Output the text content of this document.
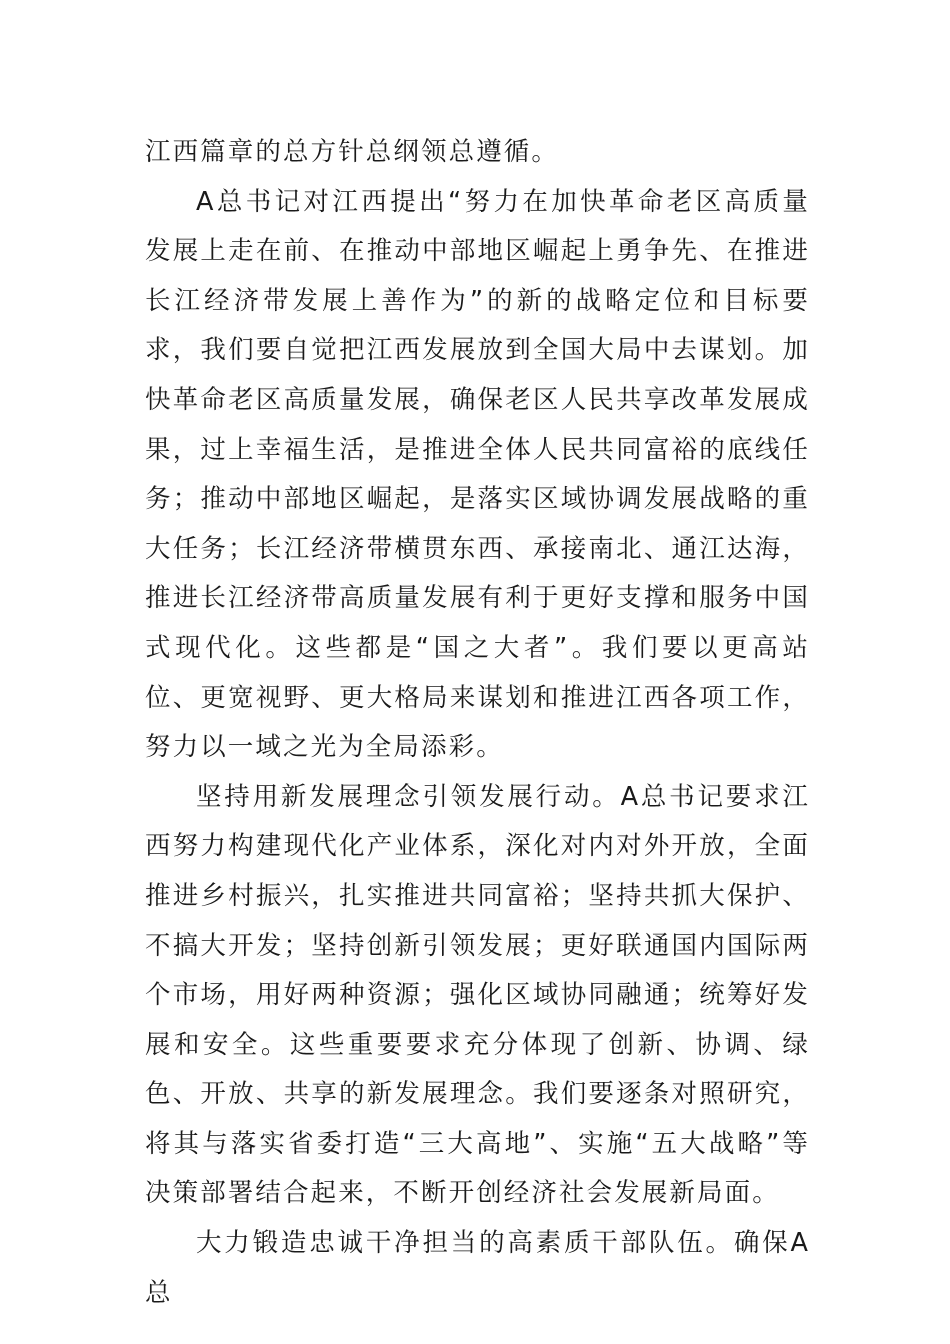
江西篇章的总方针总纲领总遵循。

A总书记对江西提出“努力在加快革命老区高质量发展上走在前、在推动中部地区崛起上勇争先、在推进长江经济带发展上善作为”的新的战略定位和目标要求，我们要自觉把江西发展放到全国大局中去谋划。加快革命老区高质量发展，确保老区人民共享改革发展成果，过上幸福生活，是推进全体人民共同富裕的底线任务；推动中部地区崛起，是落实区域协调发展战略的重大任务；长江经济带横贯东西、承接南北、通江达海，推进长江经济带高质量发展有利于更好支撑和服务中国式现代化。这些都是“国之大者”。我们要以更高站位、更宽视野、更大格局来谋划和推进江西各项工作，努力以一域之光为全局添彩。

坚持用新发展理念引领发展行动。A总书记要求江西努力构建现代化产业体系，深化对内对外开放，全面推进乡村振兴，扎实推进共同富裕；坚持共抓大保护、不搞大开发；坚持创新引领发展；更好联通国内国际两个市场，用好两种资源；强化区域协同融通；统筹好发展和安全。这些重要要求充分体现了创新、协调、绿色、开放、共享的新发展理念。我们要逐条对照研究，将其与落实省委打造“三大高地”、实施“五大战略”等决策部署结合起来，不断开创经济社会发展新局面。

大力锻造忠诚干净担当的高素质干部队伍。确保A总
